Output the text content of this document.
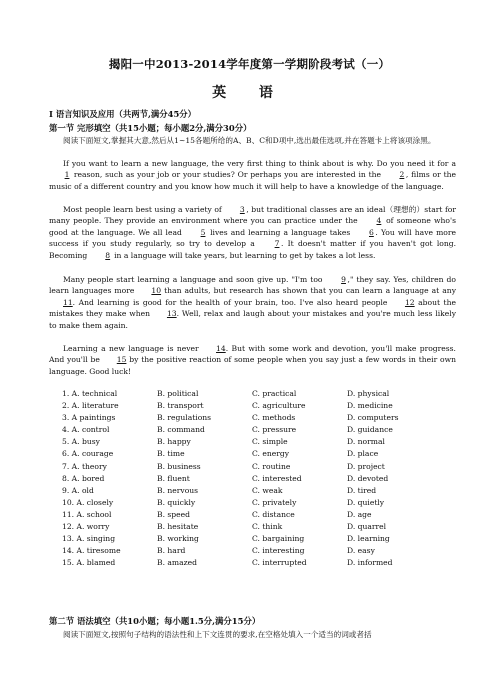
揭阳一中2013-2014学年度第一学期阶段考试（一）
英 语
I 语言知识及应用（共两节,满分45分）
第一节 完形填空（共15小题；每小题2分,满分30分）
阅读下面短文,掌握其大意,然后从1~15各题所给的A、B、C和D项中,选出最佳选项,并在答题卡上将该项涂黑。
If you want to learn a new language, the very first thing to think about is why. Do you need it for a 1 reason, such as your job or your studies? Or perhaps you are interested in the 2 , films or the music of a different country and you know how much it will help to have a knowledge of the language.
Most people learn best using a variety of 3 , but traditional classes are an ideal（理想的）start for many people. They provide an environment where you can practice under the 4 of someone who's good at the language. We all lead 5 lives and learning a language takes 6 . You will have more success if you study regularly, so try to develop a	7 . It doesn't matter if you haven't got long. Becoming 8 in a language will take years, but learning to get by takes a lot less.
Many people start learning a language and soon give up. "I'm too 9 ," they say. Yes, children do learn languages more 10 than adults, but research has shown that you can learn a language at any 11. And learning is good for the health of your brain, too. I've also heard people 12 about the mistakes they make when 13. Well, relax and laugh about your mistakes and you're much less likely to make them again.
Learning a new language is never 14. But with some work and devotion, you'll make progress. And you'll be 15 by the positive reaction of some people when you say just a few words in their own language. Good luck!
1. A. technical	B. political	C. practical	D. physical
2. A. literature	B. transport	C. agriculture	D. medicine
3. A paintings	B. regulations	C. methods	D. computers
4. A. control	B. command	C. pressure	D. guidance
5. A. busy	B. happy	C. simple	D. normal
6. A. courage	B. time	C. energy	D. place
7. A. theory	B. business	C. routine	D. project
8. A. bored	B. fluent	C. interested	D. devoted
9. A. old	B. nervous	C. weak	D. tired
10. A. closely	B. quickly	C. privately	D. quietly
11. A. school	B. speed	C. distance	D. age
12. A. worry	B. hesitate	C. think	D. quarrel
13. A. singing	B. working	C. bargaining	D. learning
14. A. tiresome	B. hard	C. interesting	D. easy
15. A. blamed	B. amazed	C. interrupted	D. informed
第二节 语法填空（共10小题；每小题1.5分,满分15分）
阅读下面短文,按照句子结构的语法性和上下文连贯的要求,在空格处填入一个适当的词或者括
